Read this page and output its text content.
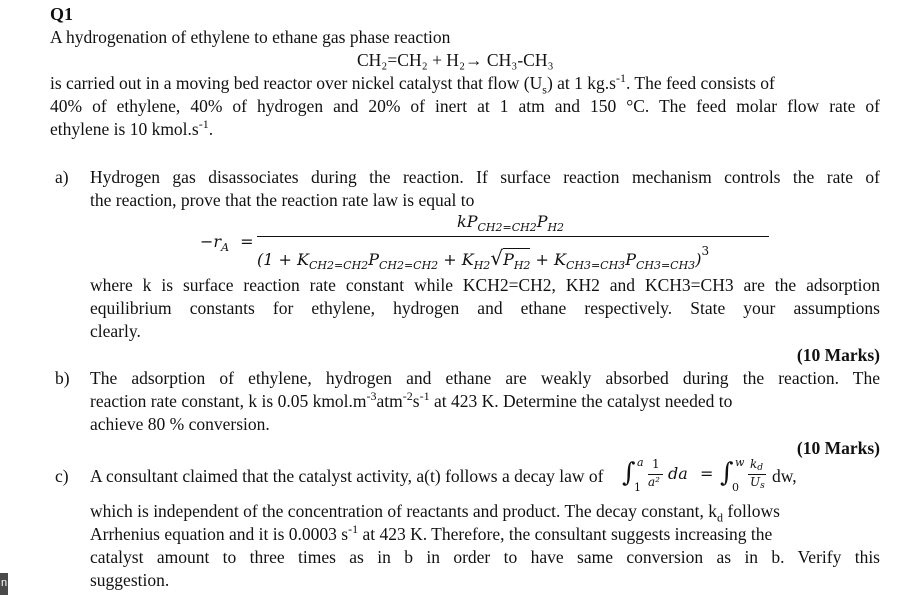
Q1
A hydrogenation of ethylene to ethane gas phase reaction
CH₂=CH₂ + H₂→ CH₃-CH₃
is carried out in a moving bed reactor over nickel catalyst that flow $(U_s)$ at 1 $kg.s^{-1}$. The feed consists of
40% of ethylene, 40% of hydrogen and 20% of inert at 1 atm and 150 °C. The feed molar flow rate of
ethylene is 10 $kmol.s^{-1}$.
a) Hydrogen gas disassociates during the reaction. If surface reaction mechanism controls the rate of
the reaction, prove that the reaction rate law is equal to
$-r_A$ =
$kP_{CH2=CH2}P_{H2}$
$(1 + K_{CH2=CH2}P_{CH2=CH2} + K_{H2}√P_{H2} + K_{CH3=CH3}P_{CH3=CH3})^3$
where k is surface reaction rate constant while KCH2=CH2, KH2 and KCH3=CH3 are the adsorption
equilibrium constants for ethylene, hydrogen and ethane respectively. State your assumptions
clearly.
(10 Marks)
b) The adsorption of ethylene, hydrogen and ethane are weakly absorbed during the reaction. The
reaction rate constant, k is 0.05 $kmol.m^{-3}atm^{-2}s^{-1}$ at 423 K. Determine the catalyst needed to
achieve 80 % conversion.
(10 Marks)
c) A consultant claimed that the catalyst activity, a(t) follows a decay law of ∫ a
1
1
a² da = ∫ w
0
kd
Us dw,
which is independent of the concentration of reactants and product. The decay constant, $k_d$ follows
Arrhenius equation and it is 0.0003 $s^{-1}$ at 423 K. Therefore, the consultant suggests increasing the
catalyst amount to three times as in b in order to have same conversion as in b. Verify this
suggestion.
n
